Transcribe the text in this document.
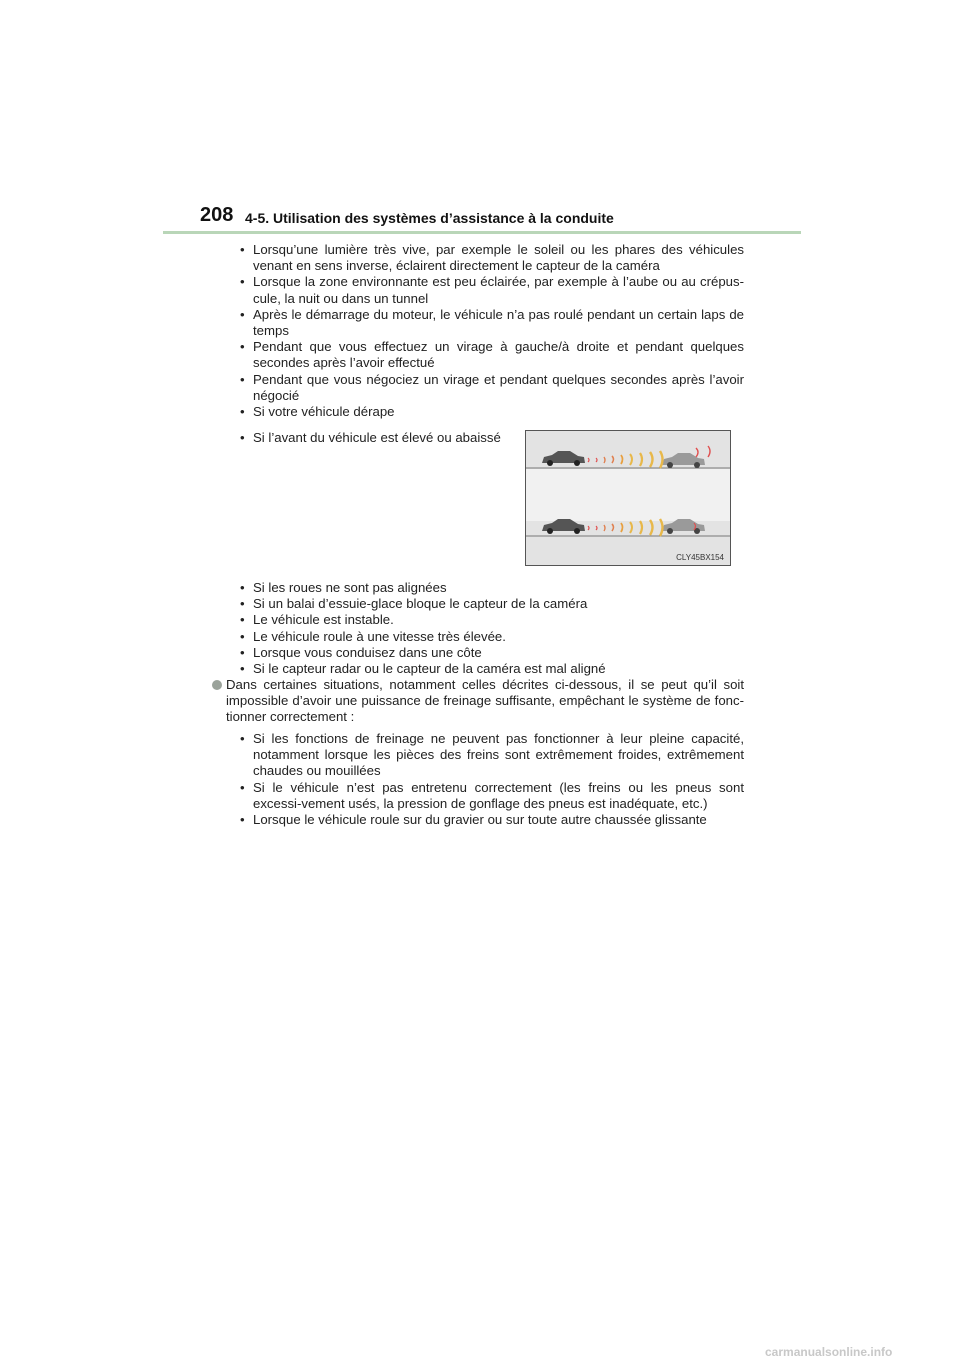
208 4-5. Utilisation des systèmes d’assistance à la conduite
• Lorsqu’une lumière très vive, par exemple le soleil ou les phares des véhicules venant en sens inverse, éclairent directement le capteur de la caméra
• Lorsque la zone environnante est peu éclairée, par exemple à l’aube ou au crépus-cule, la nuit ou dans un tunnel
• Après le démarrage du moteur, le véhicule n’a pas roulé pendant un certain laps de temps
• Pendant que vous effectuez un virage à gauche/à droite et pendant quelques secondes après l’avoir effectué
• Pendant que vous négociez un virage et pendant quelques secondes après l’avoir négocié
• Si votre véhicule dérape
• Si l’avant du véhicule est élevé ou abaissé
CLY45BX154
• Si les roues ne sont pas alignées
• Si un balai d’essuie-glace bloque le capteur de la caméra
• Le véhicule est instable.
• Le véhicule roule à une vitesse très élevée.
• Lorsque vous conduisez dans une côte
• Si le capteur radar ou le capteur de la caméra est mal aligné
Dans certaines situations, notamment celles décrites ci-dessous, il se peut qu’il soit impossible d’avoir une puissance de freinage suffisante, empêchant le système de fonc-tionner correctement :
• Si les fonctions de freinage ne peuvent pas fonctionner à leur pleine capacité, notamment lorsque les pièces des freins sont extrêmement froides, extrêmement chaudes ou mouillées
• Si le véhicule n’est pas entretenu correctement (les freins ou les pneus sont excessi-vement usés, la pression de gonflage des pneus est inadéquate, etc.)
• Lorsque le véhicule roule sur du gravier ou sur toute autre chaussée glissante
carmanualsonline.info
